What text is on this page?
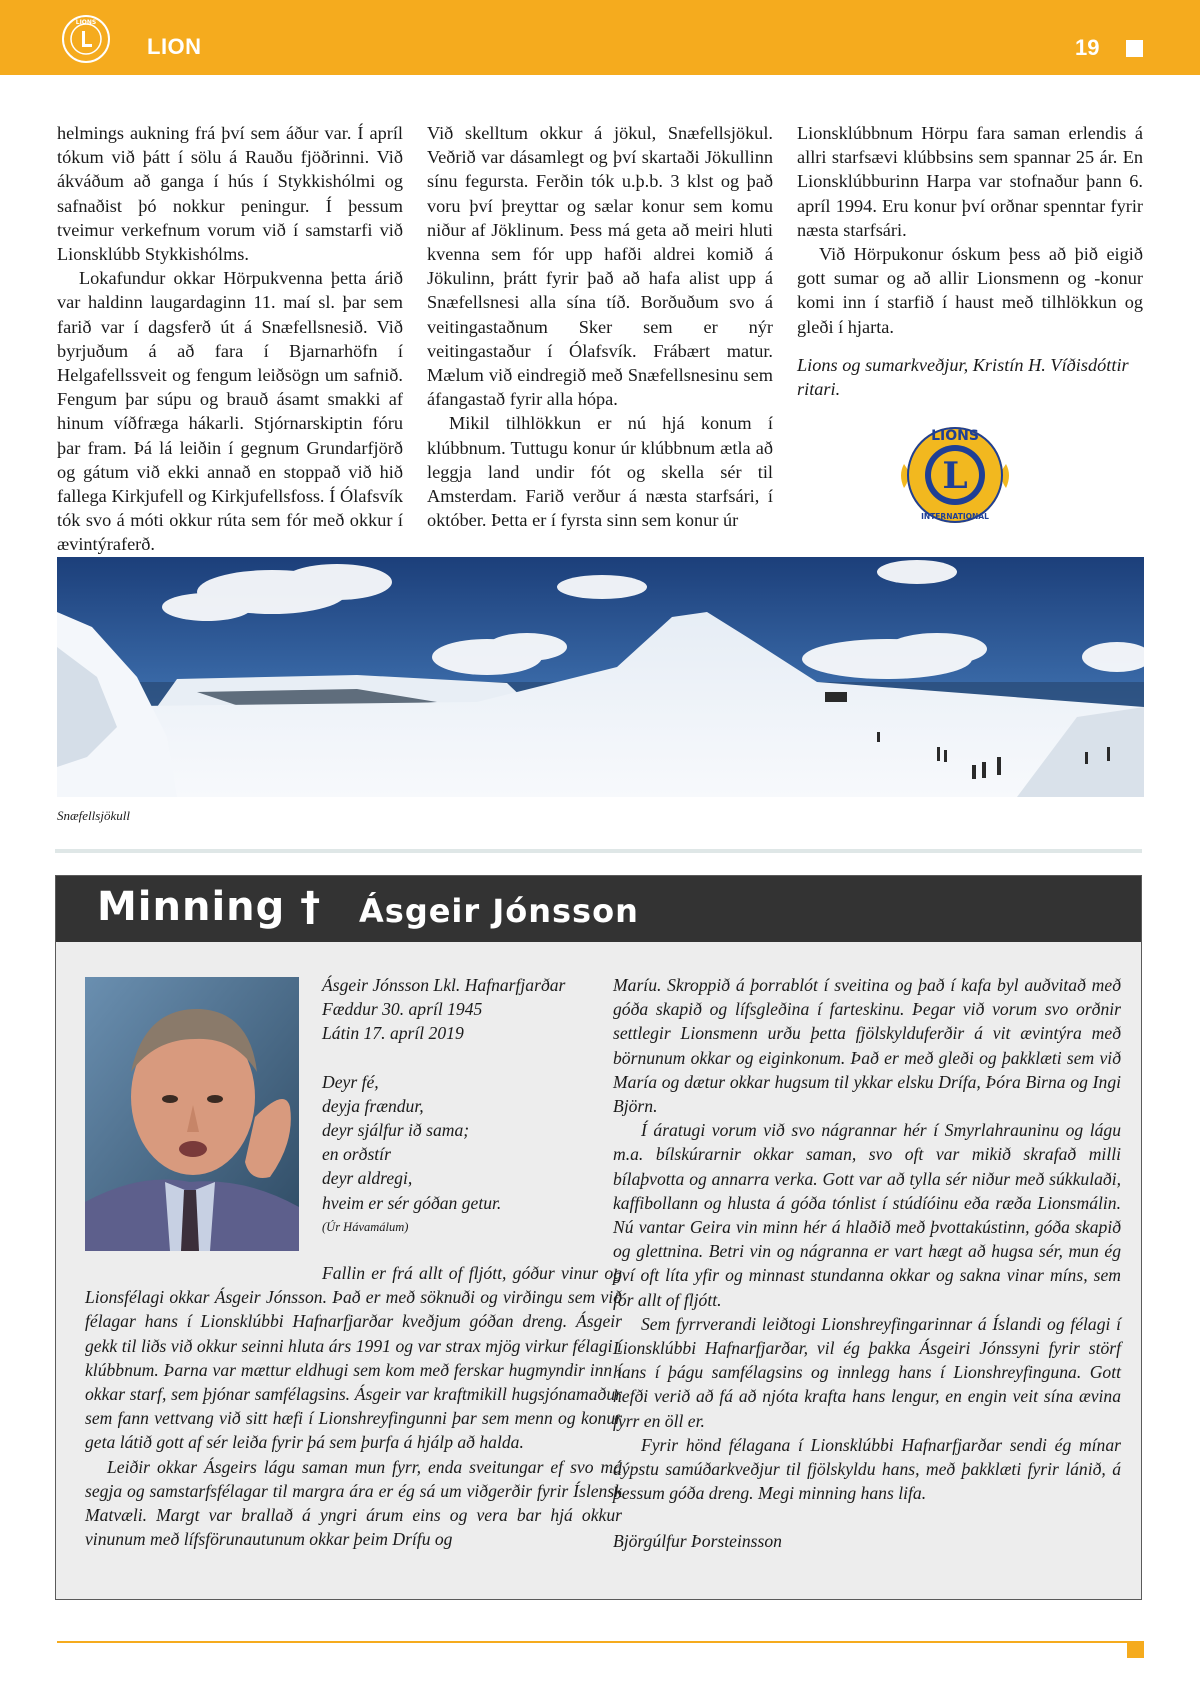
LIONS
LION	19

helmings aukning frá því sem áður var. Í apríl tókum við þátt í sölu á Rauðu fjöðrinni. Við ákváðum að ganga í hús í Stykkishólmi og safnaðist þó nokkur peningur. Í þessum tveimur verkefnum vorum við í samstarfi við Lionsklúbb Stykkishólms.

Lokafundur okkar Hörpukvenna þetta árið var haldinn laugardaginn 11. maí sl. þar sem farið var í dagsferð út á Snæfellsnesið. Við byrjuðum á að fara í Bjarnarhöfn í Helgafellssveit og fengum leiðsögn um safnið. Fengum þar súpu og brauð ásamt smakki af hinum víðfræga hákarli. Stjórnarskiptin fóru þar fram. Þá lá leiðin í gegnum Grundarfjörð og gátum við ekki annað en stoppað við hið fallega Kirkjufell og Kirkjufellsfoss. Í Ólafsvík tók svo á móti okkur rúta sem fór með okkur í ævintýraferð.

Við skelltum okkur á jökul, Snæfellsjökul. Veðrið var dásamlegt og því skartaði Jökullinn sínu fegursta. Ferðin tók u.þ.b. 3 klst og það voru því þreyttar og sælar konur sem komu niður af Jöklinum. Þess má geta að meiri hluti kvenna sem fór upp hafði aldrei komið á Jökulinn, þrátt fyrir það að hafa alist upp á Snæfellsnesi alla sína tíð. Borðuðum svo á veitingastaðnum Sker sem er nýr veitingastaður í Ólafsvík. Frábært matur. Mælum við eindregið með Snæfellsnesinu sem áfangastað fyrir alla hópa.

Mikil tilhlökkun er nú hjá konum í klúbbnum. Tuttugu konur úr klúbbnum ætla að leggja land undir fót og skella sér til Amsterdam. Farið verður á næsta starfsári, í október. Þetta er í fyrsta sinn sem konur úr

Lionsklúbbnum Hörpu fara saman erlendis á allri starfsævi klúbbsins sem spannar 25 ár. En Lionsklúbburinn Harpa var stofnaður þann 6. apríl 1994. Eru konur því orðnar spenntar fyrir næsta starfsári.

Við Hörpukonur óskum þess að þið eigið gott sumar og að allir Lionsmenn og -konur komi inn í starfið í haust með tilhlökkun og gleði í hjarta.

Lions og sumarkveðjur, Kristín H. Víðisdóttir ritari.

L
LIONS
INTERNATIONAL
Snæfellsjökull
Minning † Ásgeir Jónsson

Ásgeir Jónsson Lkl. Hafnarfjarðar

Fæddur 30. apríl 1945

Látin 17. apríl 2019

Deyr fé,

deyja frændur,

deyr sjálfur ið sama;

en orðstír

deyr aldregi,

hveim er sér góðan getur.

(Úr Hávamálum)

Fallin er frá allt of fljótt, góður vinur og Lionsfélagi okkar Ásgeir Jónsson. Það er með söknuði og virðingu sem við félagar hans í Lionsklúbbi Hafnarfjarðar kveðjum góðan dreng. Ásgeir gekk til liðs við okkur seinni hluta árs 1991 og var strax mjög virkur félagi í klúbbnum. Þarna var mættur eldhugi sem kom með ferskar hugmyndir inn í okkar starf, sem þjónar samfélagsins. Ásgeir var kraftmikill hugsjónamaður sem fann vettvang við sitt hæfi í Lionshreyfingunni þar sem menn og konur geta látið gott af sér leiða fyrir þá sem þurfa á hjálp að halda.

Leiðir okkar Ásgeirs lágu saman mun fyrr, enda sveitungar ef svo má segja og samstarfsfélagar til margra ára er ég sá um viðgerðir fyrir Íslensk Matvæli. Margt var brallað á yngri árum eins og vera bar hjá okkur vinunum með lífsförunautunum okkar þeim Drífu og

Maríu. Skroppið á þorrablót í sveitina og það í kafa byl auðvitað með góða skapið og lífsgleðina í farteskinu. Þegar við vorum svo orðnir settlegir Lionsmenn urðu þetta fjölskylduferðir á vit ævintýra með börnunum okkar og eiginkonum. Það er með gleði og þakklæti sem við María og dætur okkar hugsum til ykkar elsku Drífa, Þóra Birna og Ingi Björn.

Í áratugi vorum við svo nágrannar hér í Smyrlahrauninu og lágu m.a. bílskúrarnir okkar saman, svo oft var mikið skrafað milli bílaþvotta og annarra verka. Gott var að tylla sér niður með súkkulaði, kaffibollann og hlusta á góða tónlist í stúdíóinu eða ræða Lionsmálin. Nú vantar Geira vin minn hér á hlaðið með þvottakústinn, góða skapið og glettnina. Betri vin og nágranna er vart hægt að hugsa sér, mun ég því oft líta yfir og minnast stundanna okkar og sakna vinar míns, sem fór allt of fljótt.

Sem fyrrverandi leiðtogi Lionshreyfingarinnar á Íslandi og félagi í Lionsklúbbi Hafnarfjarðar, vil ég þakka Ásgeiri Jónssyni fyrir störf hans í þágu samfélagsins og innlegg hans í Lionshreyfinguna. Gott hefði verið að fá að njóta krafta hans lengur, en engin veit sína ævina fyrr en öll er.

Fyrir hönd félagana í Lionsklúbbi Hafnarfjarðar sendi ég mínar dýpstu samúðarkveðjur til fjölskyldu hans, með þakklæti fyrir lánið, á þessum góða dreng. Megi minning hans lifa.

Björgúlfur Þorsteinsson
